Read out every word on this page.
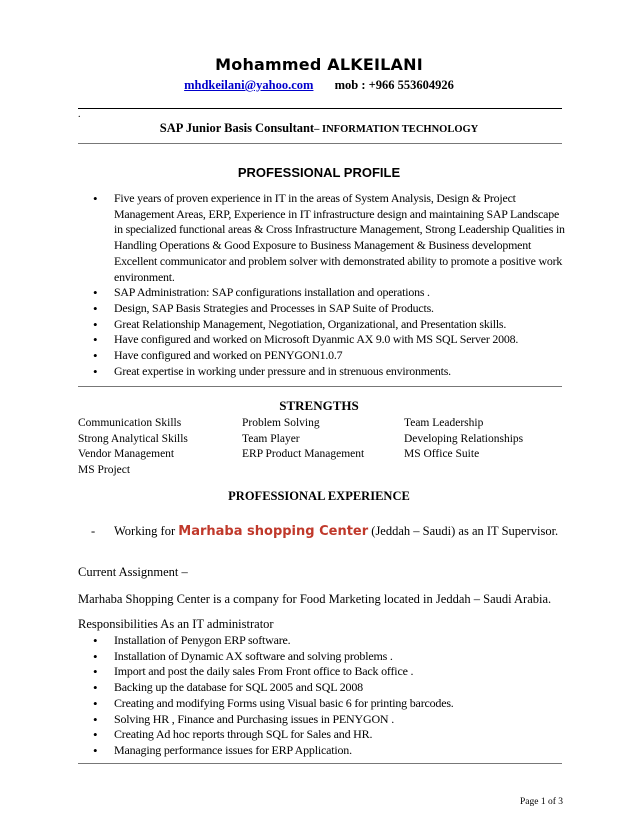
Mohammed ALKEILANI
mhdkeilani@yahoo.com mob : +966 553604926
.
SAP Junior Basis Consultant– INFORMATION TECHNOLOGY
PROFESSIONAL PROFILE
• Five years of proven experience in IT in the areas of System Analysis, Design & Project Management Areas, ERP, Experience in IT infrastructure design and maintaining SAP Landscape in specialized functional areas & Cross Infrastructure Management, Strong Leadership Qualities in Handling Operations & Good Exposure to Business Management & Business development Excellent communicator and problem solver with demonstrated ability to promote a positive work environment.
• SAP Administration: SAP configurations installation and operations .
• Design, SAP Basis Strategies and Processes in SAP Suite of Products.
• Great Relationship Management, Negotiation, Organizational, and Presentation skills.
• Have configured and worked on Microsoft Dyanmic AX 9.0 with MS SQL Server 2008.
• Have configured and worked on PENYGON1.0.7
• Great expertise in working under pressure and in strenuous environments.
STRENGTHS
Communication Skills
Strong Analytical Skills
Vendor Management
MS Project
Problem Solving
Team Player
ERP Product Management
Team Leadership
Developing Relationships
MS Office Suite
PROFESSIONAL EXPERIENCE
- Working for Marhaba shopping Center (Jeddah – Saudi) as an IT Supervisor.
Current Assignment –
Marhaba Shopping Center is a company for Food Marketing located in Jeddah – Saudi Arabia.
Responsibilities As an IT administrator
• Installation of Penygon ERP software.
• Installation of Dynamic AX software and solving problems .
• Import and post the daily sales From Front office to Back office .
• Backing up the database for SQL 2005 and SQL 2008
• Creating and modifying Forms using Visual basic 6 for printing barcodes.
• Solving HR , Finance and Purchasing issues in PENYGON .
• Creating Ad hoc reports through SQL for Sales and HR.
• Managing performance issues for ERP Application.
Page 1 of 3
